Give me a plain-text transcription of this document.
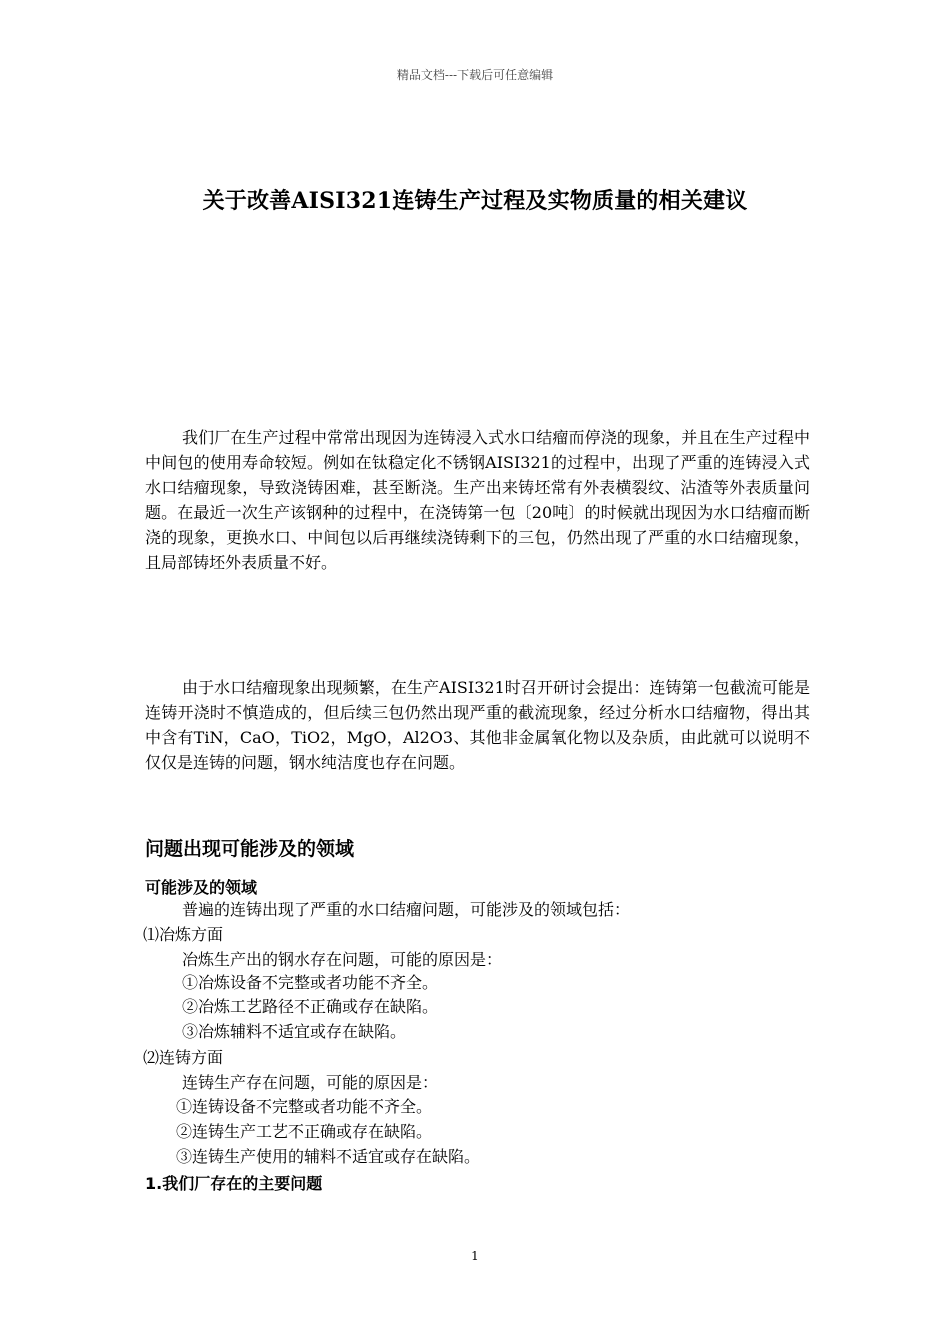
精品文档---下载后可任意编辑
关于改善AISI321连铸生产过程及实物质量的相关建议

我们厂在生产过程中常常出现因为连铸浸入式水口结瘤而停浇的现象，并且在生产过程中中间包的使用寿命较短。例如在钛稳定化不锈钢AISI321的过程中，出现了严重的连铸浸入式水口结瘤现象，导致浇铸困难，甚至断浇。生产出来铸坯常有外表横裂纹、沾渣等外表质量问题。在最近一次生产该钢种的过程中，在浇铸第一包〔20吨〕的时候就出现因为水口结瘤而断浇的现象，更换水口、中间包以后再继续浇铸剩下的三包，仍然出现了严重的水口结瘤现象，且局部铸坯外表质量不好。

由于水口结瘤现象出现频繁，在生产AISI321时召开研讨会提出：连铸第一包截流可能是连铸开浇时不慎造成的，但后续三包仍然出现严重的截流现象，经过分析水口结瘤物，得出其中含有TiN，CaO，TiO2，MgO，Al2O3、其他非金属氧化物以及杂质，由此就可以说明不仅仅是连铸的问题，钢水纯洁度也存在问题。

问题出现可能涉及的领域
可能涉及的领域
普遍的连铸出现了严重的水口结瘤问题，可能涉及的领域包括：
⑴冶炼方面
冶炼生产出的钢水存在问题，可能的原因是：
①冶炼设备不完整或者功能不齐全。
②冶炼工艺路径不正确或存在缺陷。
③冶炼辅料不适宜或存在缺陷。
⑵连铸方面
连铸生产存在问题，可能的原因是：
①连铸设备不完整或者功能不齐全。
②连铸生产工艺不正确或存在缺陷。
③连铸生产使用的辅料不适宜或存在缺陷。
1.我们厂存在的主要问题
1
